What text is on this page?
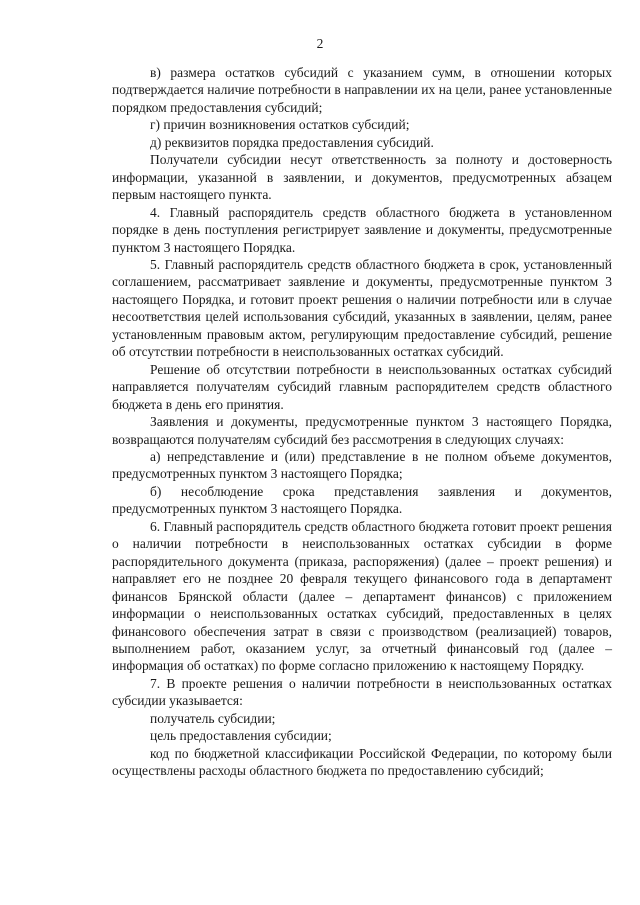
2

в) размера остатков субсидий с указанием сумм, в отношении которых подтверждается наличие потребности в направлении их на цели, ранее установленные порядком предоставления субсидий;

г) причин возникновения остатков субсидий;

д) реквизитов порядка предоставления субсидий.

Получатели субсидии несут ответственность за полноту и достоверность информации, указанной в заявлении, и документов, предусмотренных абзацем первым настоящего пункта.

4. Главный распорядитель средств областного бюджета в установленном порядке в день поступления регистрирует заявление и документы, предусмотренные пунктом 3 настоящего Порядка.

5. Главный распорядитель средств областного бюджета в срок, установленный соглашением, рассматривает заявление и документы, предусмотренные пунктом 3 настоящего Порядка, и готовит проект решения о наличии потребности или в случае несоответствия целей использования субсидий, указанных в заявлении, целям, ранее установленным правовым актом, регулирующим предоставление субсидий, решение об отсутствии потребности в неиспользованных остатках субсидий.

Решение об отсутствии потребности в неиспользованных остатках субсидий направляется получателям субсидий главным распорядителем средств областного бюджета в день его принятия.

Заявления и документы, предусмотренные пунктом 3 настоящего Порядка, возвращаются получателям субсидий без рассмотрения в следующих случаях:

а) непредставление и (или) представление в не полном объеме документов, предусмотренных пунктом 3 настоящего Порядка;

б) несоблюдение срока представления заявления и документов, предусмотренных пунктом 3 настоящего Порядка.

6. Главный распорядитель средств областного бюджета готовит проект решения о наличии потребности в неиспользованных остатках субсидии в форме распорядительного документа (приказа, распоряжения) (далее – проект решения) и направляет его не позднее 20 февраля текущего финансового года в департамент финансов Брянской области (далее – департамент финансов) с приложением информации о неиспользованных остатках субсидий, предоставленных в целях финансового обеспечения затрат в связи с производством (реализацией) товаров, выполнением работ, оказанием услуг, за отчетный финансовый год (далее – информация об остатках) по форме согласно приложению к настоящему Порядку.

7. В проекте решения о наличии потребности в неиспользованных остатках субсидии указывается:

получатель субсидии;

цель предоставления субсидии;

код по бюджетной классификации Российской Федерации, по которому были осуществлены расходы областного бюджета по предоставлению субсидий;
